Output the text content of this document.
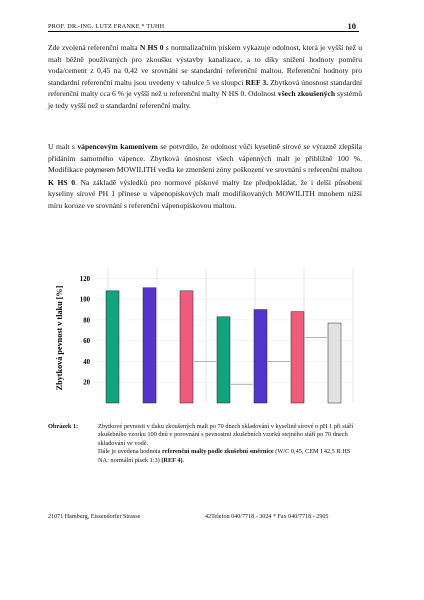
PROF. DR.-ING. LUTZ FRANKE * TUHH	10

Zde zvolená referenční malta N HS 0 s normalizačním pískem vykazuje odolnost, která je vyšší než u malt běžně používaných pro zkoušku výstavby kanalizace, a to díky snížení hodnoty poměru voda/cement z 0,45 na 0,42 ve srovnání se standardní referenční maltou. Referenční hodnoty pro standardní referenční maltu jsou uvedeny v tabulce 5 ve sloupci REF 3. Zbytková únosnost standardní referenční malty cca 6 % je vyšší než u referenční malty N HS 0. Odolnost všech zkoušených systémů je tedy vyšší než u standardní referenční malty.

U malt s vápencovým kamenivem se potvrdilo, že odolnost vůči kyselině sírové se výrazně zlepšila přidáním samotného vápence. Zbytková únosnost všech vápenných malt je přibližně 100 %. Modifikace polymerem MOWILITH vedla ke zmenšení zóny poškození ve srovnání s referenční maltou K HS 0. Na základě výsledků pro normové pískové malty lze předpokládat, že i delší působení kyseliny sírové PH 1 přinese u vápenopískových malt modifikovaných MOWILITH mnohem nižší míru koroze ve srovnání s referenční vápenopískovou maltou.

20
40
60
80
100
120
Zbytková pevnost v tlaku [%]
Obrázek 1:	Zbytkové pevnosti v tlaku zkoušených malt po 70 dnech skladování v kyselině sírové o pH 1 při stáří zkušebního vzorku 100 dnů v porovnání s pevnostmi zkušebních vzorků stejného stáří po 70 dnech skladování ve vodě.
Dále je uvedena hodnota referenční malty podle zkušební směrnice (W/C 0,45, CEM I 42,5 R HS NA: normální písek 1:3) (REF 4).

21071 Hamburg, Eissendorfer Strasse	42Telefon 040/7718 - 3024 * Fax 040/7718 - 2905
